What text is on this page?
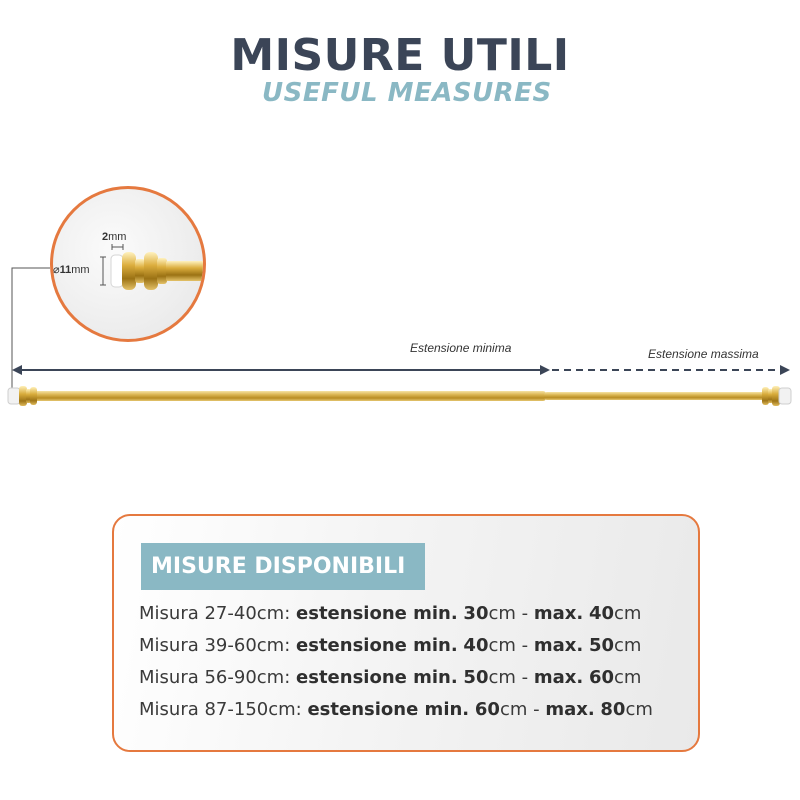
MISURE UTILI
USEFUL MEASURES
⌀11mm
2mm
Estensione minima	Estensione massima
MISURE DISPONIBILI
Misura 27-40cm: estensione min. 30cm - max. 40cm
Misura 39-60cm: estensione min. 40cm - max. 50cm
Misura 56-90cm: estensione min. 50cm - max. 60cm
Misura 87-150cm: estensione min. 60cm - max. 80cm
